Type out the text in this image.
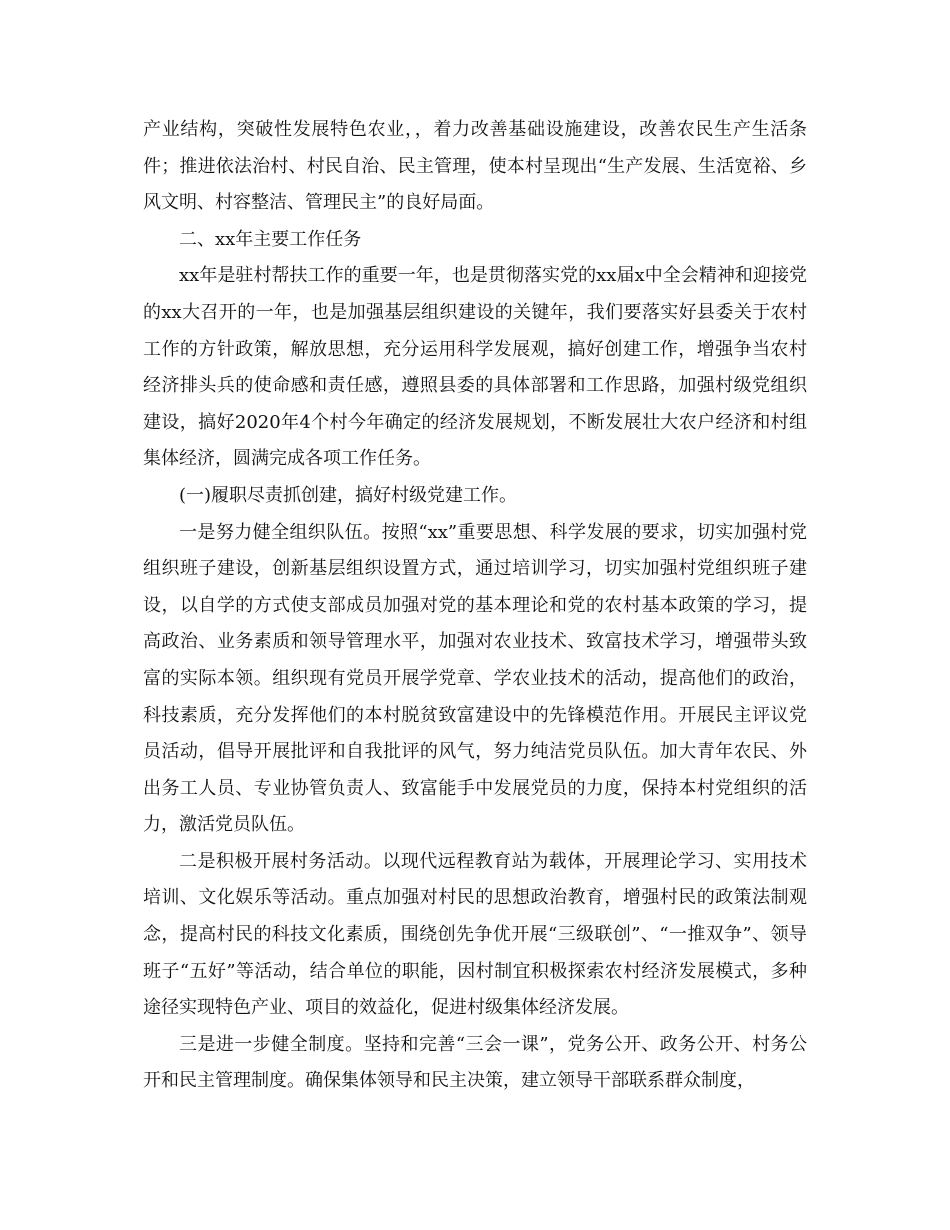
产业结构，突破性发展特色农业，，着力改善基础设施建设，改善农民生产生活条件；推进依法治村、村民自治、民主管理，使本村呈现出“生产发展、生活宽裕、乡风文明、村容整洁、管理民主”的良好局面。

二、xx年主要工作任务

xx年是驻村帮扶工作的重要一年，也是贯彻落实党的xx届x中全会精神和迎接党的xx大召开的一年，也是加强基层组织建设的关键年，我们要落实好县委关于农村工作的方针政策，解放思想，充分运用科学发展观，搞好创建工作，增强争当农村经济排头兵的使命感和责任感，遵照县委的具体部署和工作思路，加强村级党组织建设，搞好2020年4个村今年确定的经济发展规划，不断发展壮大农户经济和村组集体经济，圆满完成各项工作任务。

(一)履职尽责抓创建，搞好村级党建工作。

一是努力健全组织队伍。按照“xx”重要思想、科学发展的要求，切实加强村党组织班子建设，创新基层组织设置方式，通过培训学习，切实加强村党组织班子建设，以自学的方式使支部成员加强对党的基本理论和党的农村基本政策的学习，提高政治、业务素质和领导管理水平，加强对农业技术、致富技术学习，增强带头致富的实际本领。组织现有党员开展学党章、学农业技术的活动，提高他们的政治，科技素质，充分发挥他们的本村脱贫致富建设中的先锋模范作用。开展民主评议党员活动，倡导开展批评和自我批评的风气，努力纯洁党员队伍。加大青年农民、外出务工人员、专业协管负责人、致富能手中发展党员的力度，保持本村党组织的活力，激活党员队伍。

二是积极开展村务活动。以现代远程教育站为载体，开展理论学习、实用技术培训、文化娱乐等活动。重点加强对村民的思想政治教育，增强村民的政策法制观念，提高村民的科技文化素质，围绕创先争优开展“三级联创”、“一推双争”、领导班子“五好”等活动，结合单位的职能，因村制宜积极探索农村经济发展模式，多种途径实现特色产业、项目的效益化，促进村级集体经济发展。

三是进一步健全制度。坚持和完善“三会一课”，党务公开、政务公开、村务公开和民主管理制度。确保集体领导和民主决策，建立领导干部联系群众制度，
